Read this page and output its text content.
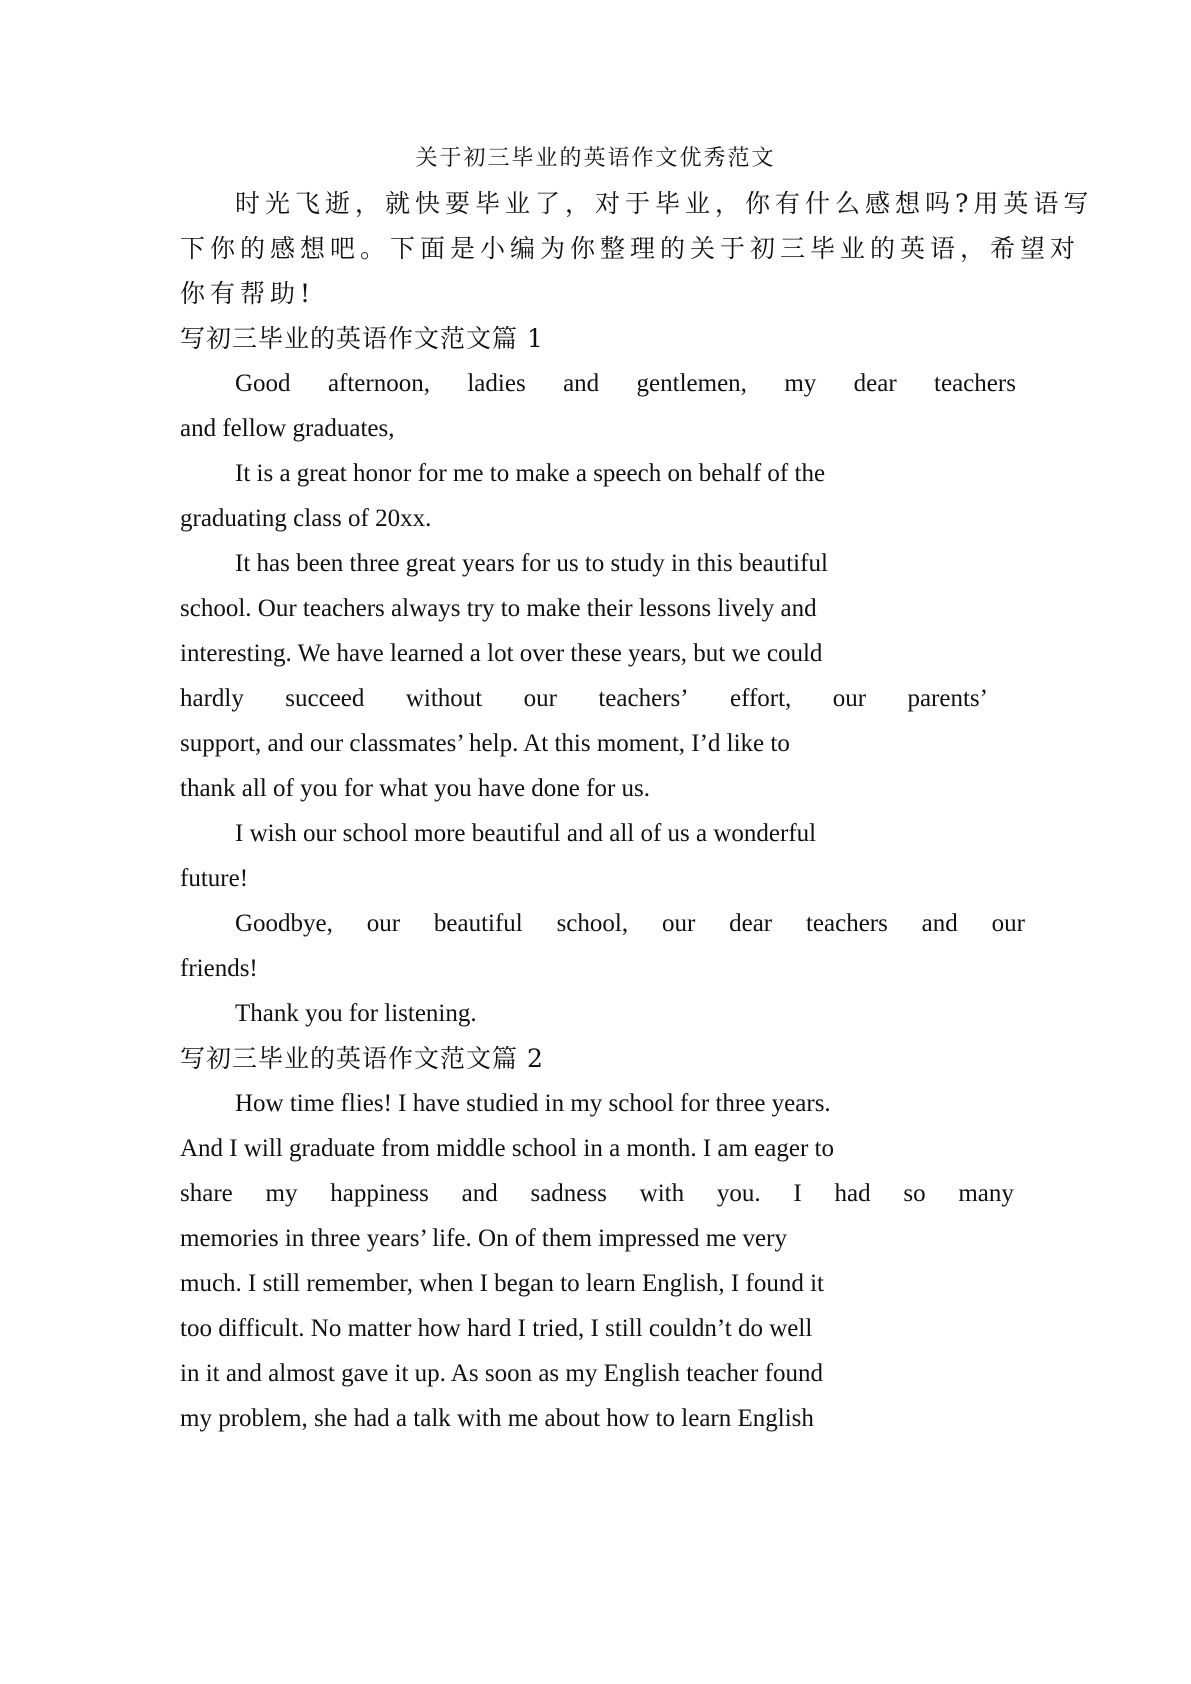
关于初三毕业的英语作文优秀范文
时光飞逝，就快要毕业了，对于毕业，你有什么感想吗?用英语写
下你的感想吧。下面是小编为你整理的关于初三毕业的英语，希望对
你有帮助!
写初三毕业的英语作文范文篇 1
Good afternoon, ladies and gentlemen, my dear teachers
and fellow graduates,
It is a great honor for me to make a speech on behalf of the
graduating class of 20xx.
It has been three great years for us to study in this beautiful
school. Our teachers always try to make their lessons lively and
interesting. We have learned a lot over these years, but we could
hardly succeed without our teachers’ effort, our parents’
support, and our classmates’ help. At this moment, I’d like to
thank all of you for what you have done for us.
I wish our school more beautiful and all of us a wonderful
future!
Goodbye, our beautiful school, our dear teachers and our
friends!
Thank you for listening.
写初三毕业的英语作文范文篇 2
How time flies! I have studied in my school for three years.
And I will graduate from middle school in a month. I am eager to
share my happiness and sadness with you. I had so many
memories in three years’ life. On of them impressed me very
much. I still remember, when I began to learn English, I found it
too difficult. No matter how hard I tried, I still couldn’t do well
in it and almost gave it up. As soon as my English teacher found
my problem, she had a talk with me about how to learn English
